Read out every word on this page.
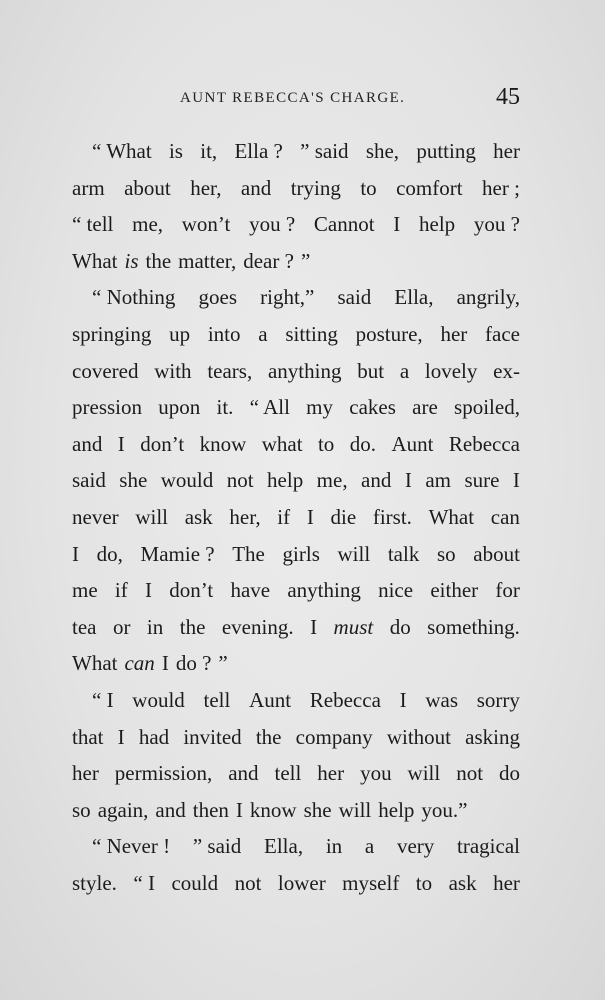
AUNT REBECCA'S CHARGE.	45
“ What is it, Ella ? ” said she, putting her
arm about her, and trying to comfort her ;
“ tell me, won’t you ? Cannot I help you ?
What is the matter, dear ? ”
“ Nothing goes right,” said Ella, angrily,
springing up into a sitting posture, her face
covered with tears, anything but a lovely ex-
pression upon it. “ All my cakes are spoiled,
and I don’t know what to do. Aunt Rebecca
said she would not help me, and I am sure I
never will ask her, if I die first. What can
I do, Mamie ? The girls will talk so about
me if I don’t have anything nice either for
tea or in the evening. I must do something.
What can I do ? ”
“ I would tell Aunt Rebecca I was sorry
that I had invited the company without asking
her permission, and tell her you will not do
so again, and then I know she will help you.”
“ Never ! ” said Ella, in a very tragical
style. “ I could not lower myself to ask her
